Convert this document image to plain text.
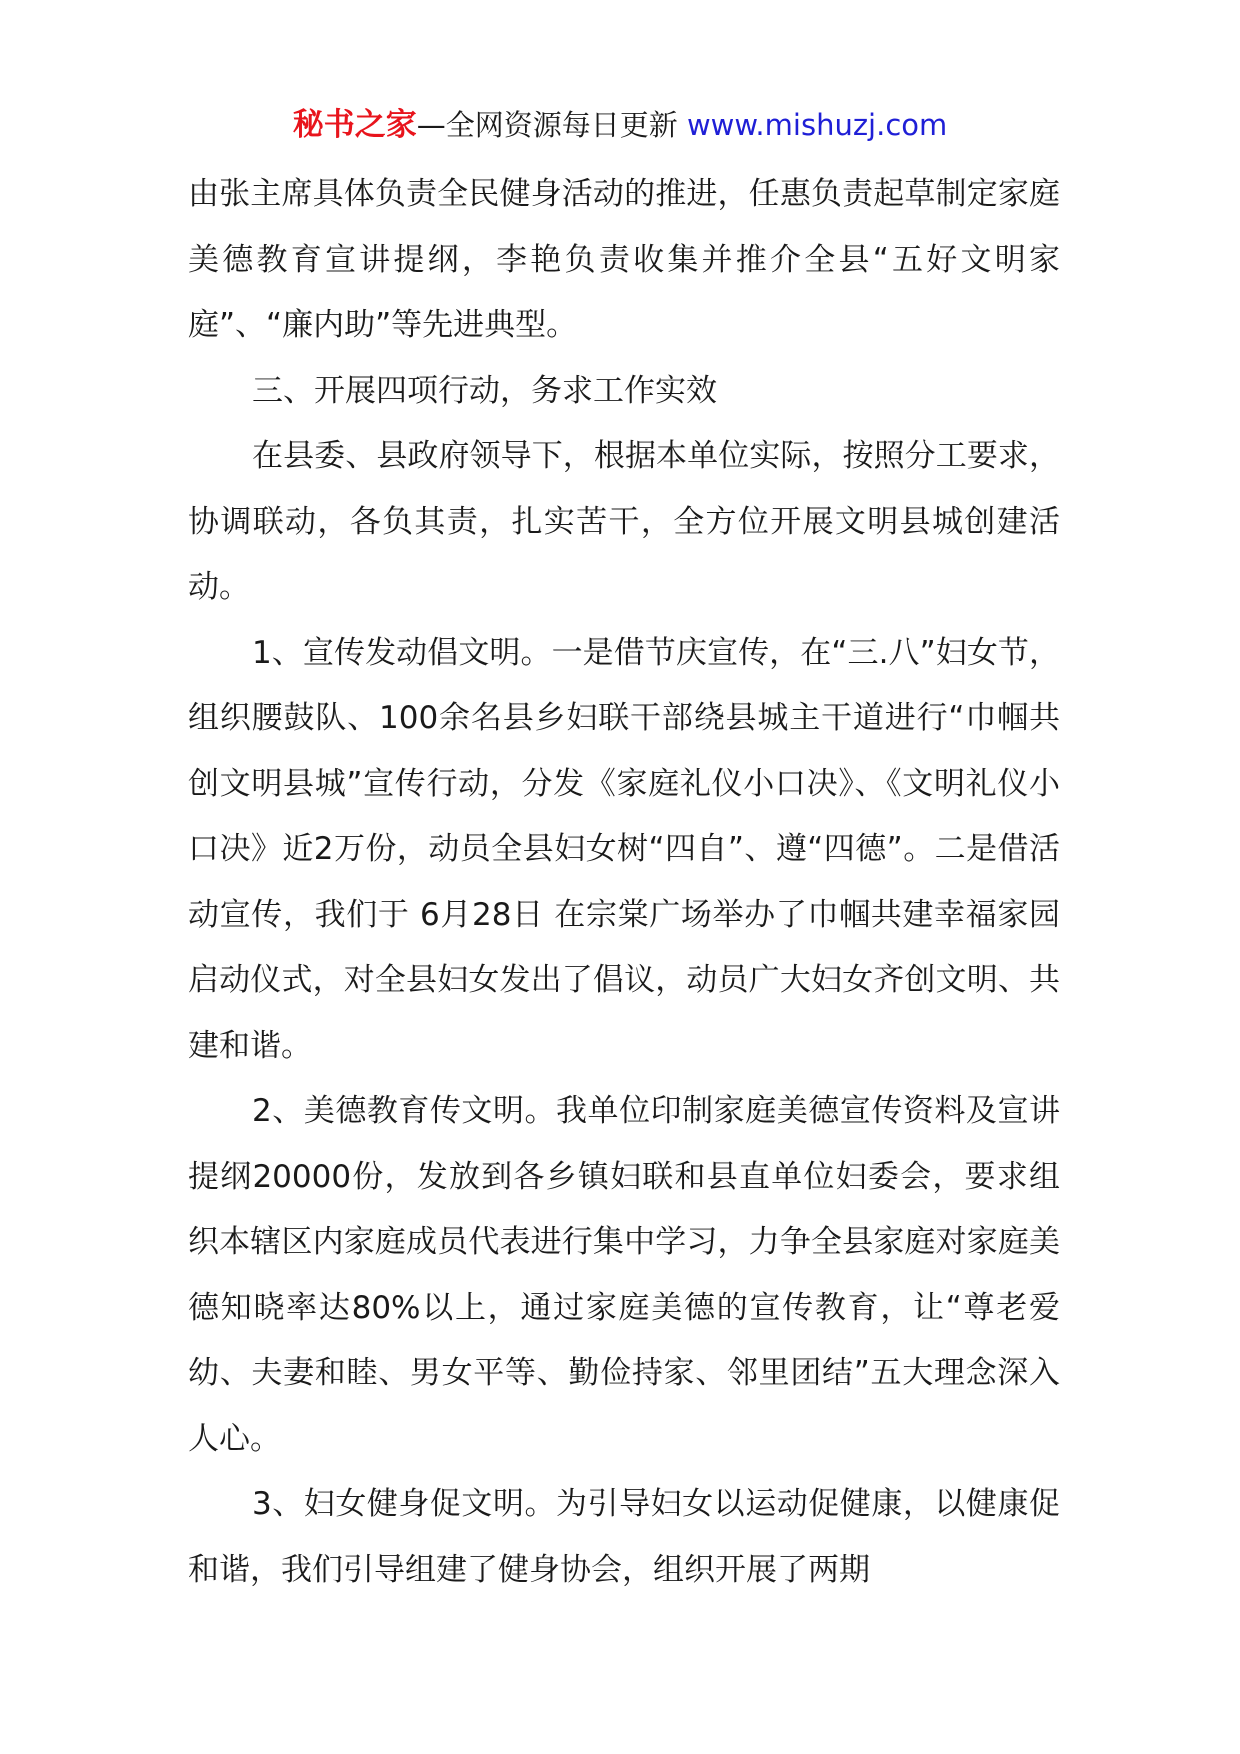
秘书之家—全网资源每日更新 www.mishuzj.com

由张主席具体负责全民健身活动的推进，任惠负责起草制定家庭美德教育宣讲提纲，李艳负责收集并推介全县“五好文明家庭”、“廉内助”等先进典型。

三、开展四项行动，务求工作实效

在县委、县政府领导下，根据本单位实际，按照分工要求，协调联动，各负其责，扎实苦干，全方位开展文明县城创建活动。

1、宣传发动倡文明。一是借节庆宣传，在“三.八”妇女节，组织腰鼓队、100余名县乡妇联干部绕县城主干道进行“巾帼共创文明县城”宣传行动，分发《家庭礼仪小口决》、《文明礼仪小口决》近2万份，动员全县妇女树“四自”、遵“四德”。二是借活动宣传，我们于 6月28日 在宗棠广场举办了巾帼共建幸福家园启动仪式，对全县妇女发出了倡议，动员广大妇女齐创文明、共建和谐。

2、美德教育传文明。我单位印制家庭美德宣传资料及宣讲提纲20000份，发放到各乡镇妇联和县直单位妇委会，要求组织本辖区内家庭成员代表进行集中学习，力争全县家庭对家庭美德知晓率达80%以上，通过家庭美德的宣传教育，让“尊老爱幼、夫妻和睦、男女平等、勤俭持家、邻里团结”五大理念深入人心。

3、妇女健身促文明。为引导妇女以运动促健康，以健康促和谐，我们引导组建了健身协会，组织开展了两期
